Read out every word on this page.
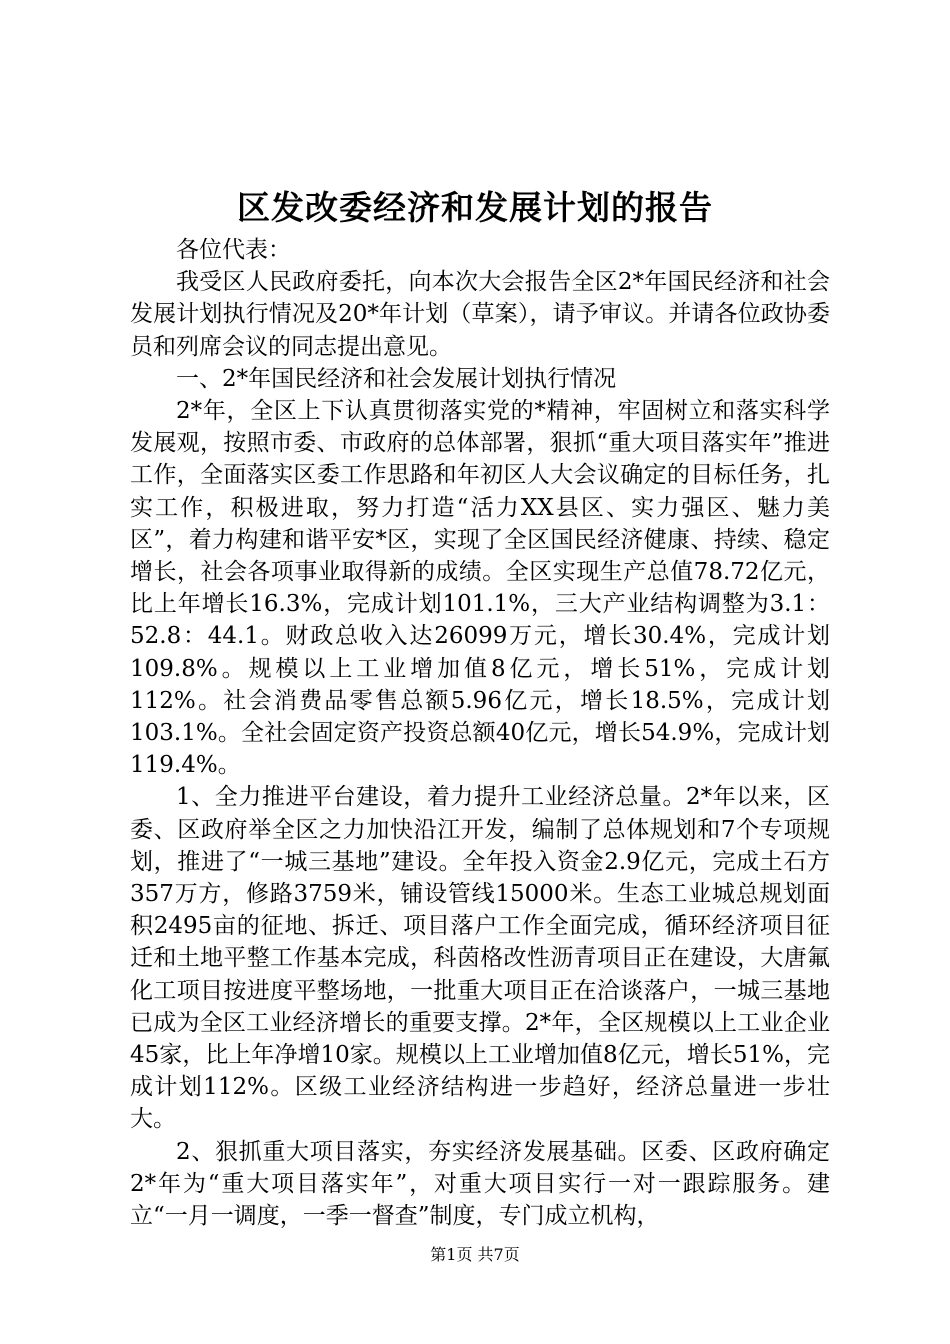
区发改委经济和发展计划的报告

各位代表：

我受区人民政府委托，向本次大会报告全区2*年国民经济和社会发展计划执行情况及20*年计划（草案），请予审议。并请各位政协委员和列席会议的同志提出意见。

一、2*年国民经济和社会发展计划执行情况

2*年，全区上下认真贯彻落实党的*精神，牢固树立和落实科学发展观，按照市委、市政府的总体部署，狠抓“重大项目落实年”推进工作，全面落实区委工作思路和年初区人大会议确定的目标任务，扎实工作，积极进取，努力打造“活力XX县区、实力强区、魅力美区”，着力构建和谐平安*区，实现了全区国民经济健康、持续、稳定增长，社会各项事业取得新的成绩。全区实现生产总值78.72亿元，比上年增长16.3%，完成计划101.1%，三大产业结构调整为3.1：52.8：44.1。财政总收入达26099万元，增长30.4%，完成计划109.8%。规模以上工业增加值8亿元，增长51%，完成计划112%。社会消费品零售总额5.96亿元，增长18.5%，完成计划103.1%。全社会固定资产投资总额40亿元，增长54.9%，完成计划119.4%。

1、全力推进平台建设，着力提升工业经济总量。2*年以来，区委、区政府举全区之力加快沿江开发，编制了总体规划和7个专项规划，推进了“一城三基地”建设。全年投入资金2.9亿元，完成土石方357万方，修路3759米，铺设管线15000米。生态工业城总规划面积2495亩的征地、拆迁、项目落户工作全面完成，循环经济项目征迁和土地平整工作基本完成，科茵格改性沥青项目正在建设，大唐氟化工项目按进度平整场地，一批重大项目正在洽谈落户，一城三基地已成为全区工业经济增长的重要支撑。2*年，全区规模以上工业企业45家，比上年净增10家。规模以上工业增加值8亿元，增长51%，完成计划112%。区级工业经济结构进一步趋好，经济总量进一步壮大。

2、狠抓重大项目落实，夯实经济发展基础。区委、区政府确定2*年为“重大项目落实年”，对重大项目实行一对一跟踪服务。建立“一月一调度，一季一督查”制度，专门成立机构，

第1页 共7页
